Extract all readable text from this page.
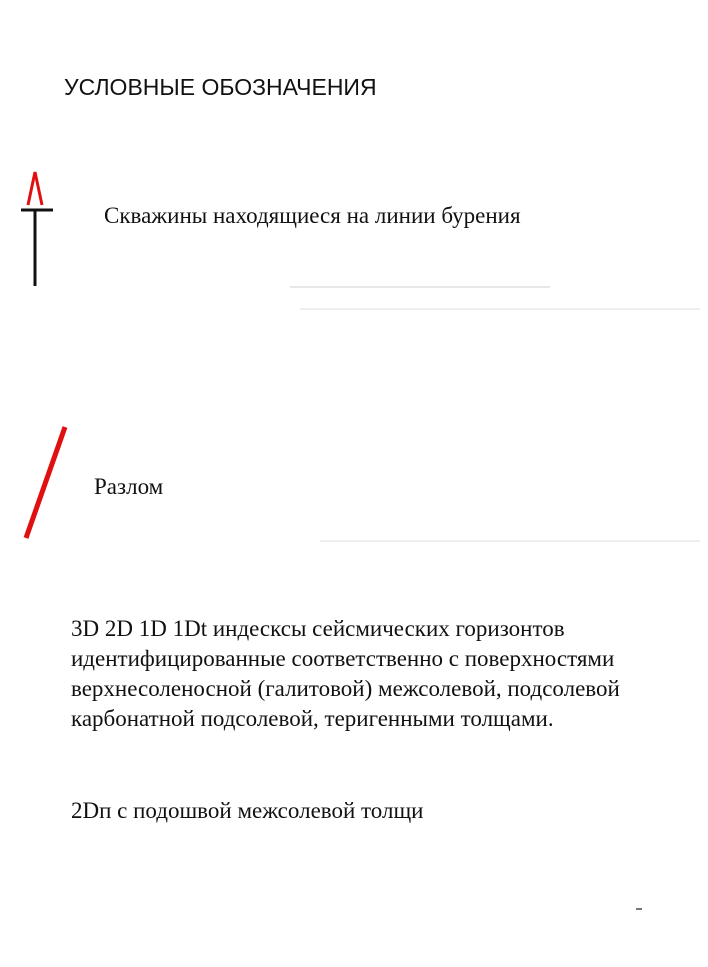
УСЛОВНЫЕ ОБОЗНАЧЕНИЯ
Скважины находящиеся на линии бурения
Разлом
3D 2D 1D 1Dt индесксы сейсмических горизонтов
идентифицированные соответственно с поверхностями
верхнесоленосной (галитовой) межсолевой, подсолевой
карбонатной подсолевой, теригенными толщами.
2Dп с подошвой межсолевой толщи
